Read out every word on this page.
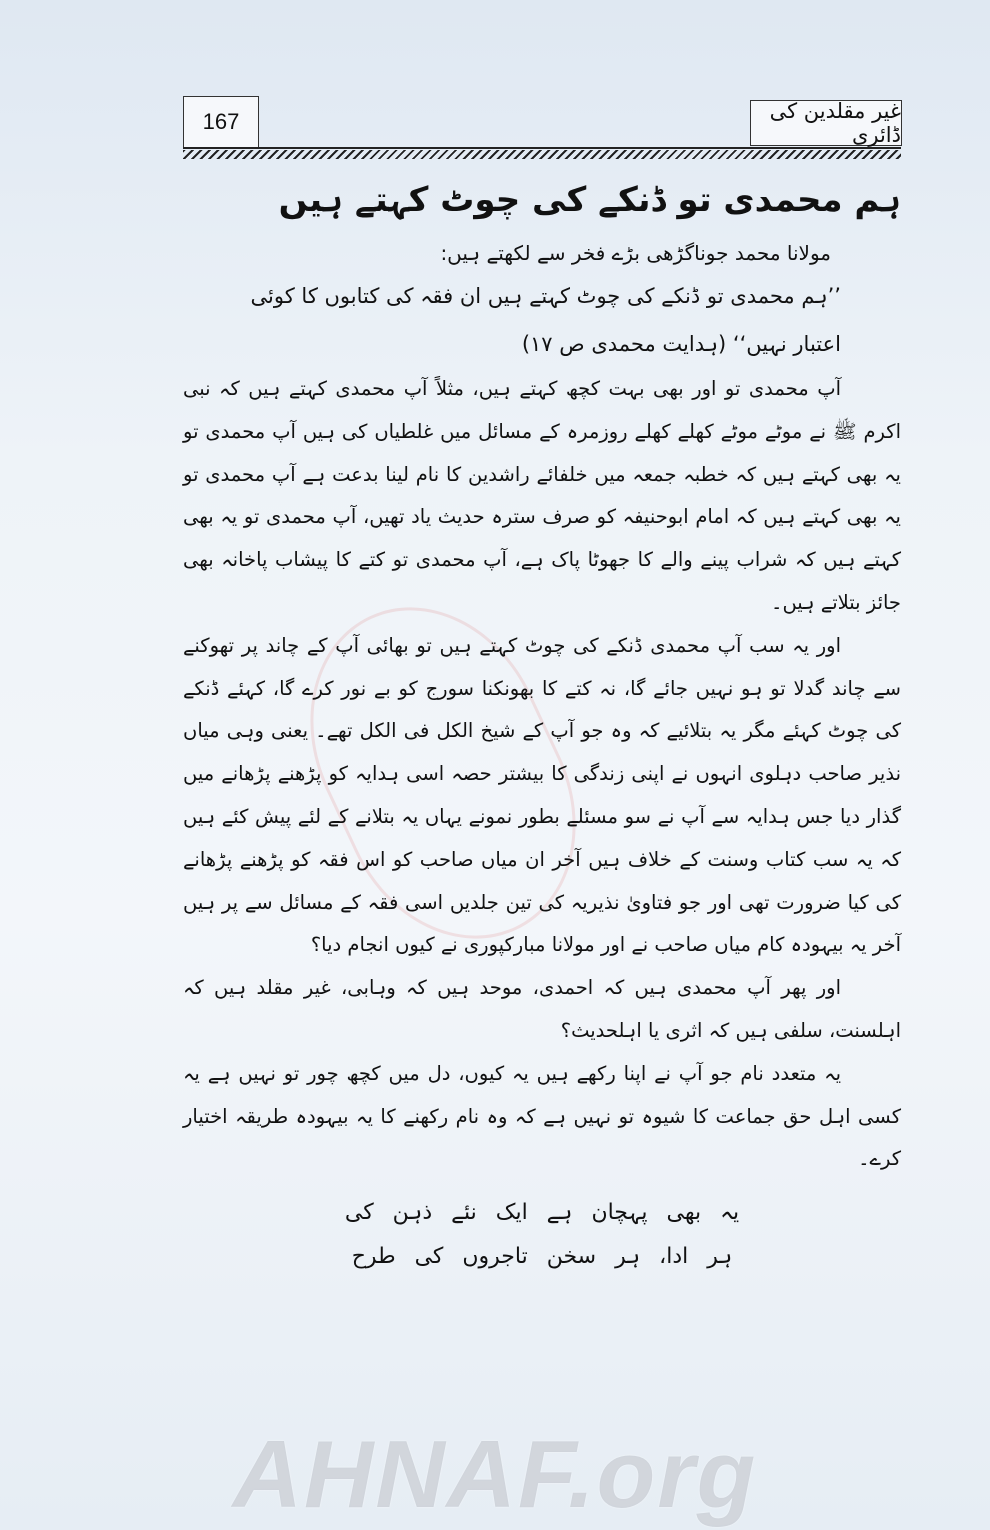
غیر مقلدین کی ڈائری
167
ہم محمدی تو ڈنکے کی چوٹ کہتے ہیں

مولانا محمد جوناگڑھی بڑے فخر سے لکھتے ہیں:

’’ہم محمدی تو ڈنکے کی چوٹ کہتے ہیں ان فقہ کی کتابوں کا کوئی

اعتبار نہیں‘‘ (ہدایت محمدی ص ۱۷)

آپ محمدی تو اور بھی بہت کچھ کہتے ہیں، مثلاً آپ محمدی کہتے ہیں کہ نبی اکرم ﷺ نے موٹے موٹے کھلے کھلے روزمرہ کے مسائل میں غلطیاں کی ہیں آپ محمدی تو یہ بھی کہتے ہیں کہ خطبہ جمعہ میں خلفائے راشدین کا نام لینا بدعت ہے آپ محمدی تو یہ بھی کہتے ہیں کہ امام ابوحنیفہ کو صرف سترہ حدیث یاد تھیں، آپ محمدی تو یہ بھی کہتے ہیں کہ شراب پینے والے کا جھوٹا پاک ہے، آپ محمدی تو کتے کا پیشاب پاخانہ بھی جائز بتلاتے ہیں۔

اور یہ سب آپ محمدی ڈنکے کی چوٹ کہتے ہیں تو بھائی آپ کے چاند پر تھوکنے سے چاند گدلا تو ہو نہیں جائے گا، نہ کتے کا بھونکنا سورج کو بے نور کرے گا، کہئے ڈنکے کی چوٹ کہئے مگر یہ بتلائیے کہ وہ جو آپ کے شیخ الکل فی الکل تھے۔ یعنی وہی میاں نذیر صاحب دہلوی انہوں نے اپنی زندگی کا بیشتر حصہ اسی ہدایہ کو پڑھنے پڑھانے میں گذار دیا جس ہدایہ سے آپ نے سو مسئلے بطور نمونے یہاں یہ بتلانے کے لئے پیش کئے ہیں کہ یہ سب کتاب وسنت کے خلاف ہیں آخر ان میاں صاحب کو اس فقہ کو پڑھنے پڑھانے کی کیا ضرورت تھی اور جو فتاویٰ نذیریہ کی تین جلدیں اسی فقہ کے مسائل سے پر ہیں آخر یہ بیہودہ کام میاں صاحب نے اور مولانا مبارکپوری نے کیوں انجام دیا؟

اور پھر آپ محمدی ہیں کہ احمدی، موحد ہیں کہ وہابی، غیر مقلد ہیں کہ اہلسنت، سلفی ہیں کہ اثری یا اہلحدیث؟

یہ متعدد نام جو آپ نے اپنا رکھے ہیں یہ کیوں، دل میں کچھ چور تو نہیں ہے یہ کسی اہل حق جماعت کا شیوہ تو نہیں ہے کہ وہ نام رکھنے کا یہ بیہودہ طریقہ اختیار کرے۔

یہ بھی پہچان ہے ایک نئے ذہن کی

ہر ادا، ہر سخن تاجروں کی طرح

AHNAF.org
